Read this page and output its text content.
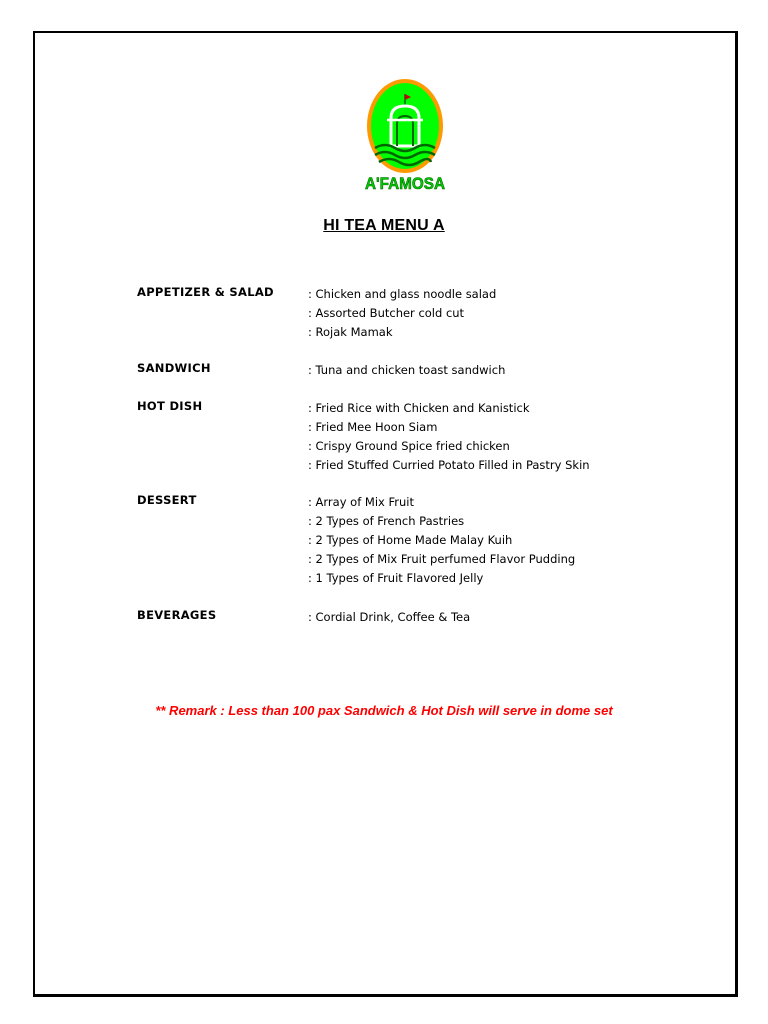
A'FAMOSA
HI TEA MENU A
APPETIZER & SALAD	: Chicken and glass noodle salad
: Assorted Butcher cold cut
: Rojak Mamak
SANDWICH	: Tuna and chicken toast sandwich
HOT DISH	: Fried Rice with Chicken and Kanistick
: Fried Mee Hoon Siam
: Crispy Ground Spice fried chicken
: Fried Stuffed Curried Potato Filled in Pastry Skin
DESSERT	: Array of Mix Fruit
: 2 Types of French Pastries
: 2 Types of Home Made Malay Kuih
: 2 Types of Mix Fruit perfumed Flavor Pudding
: 1 Types of Fruit Flavored Jelly
BEVERAGES	: Cordial Drink, Coffee & Tea
** Remark : Less than 100 pax Sandwich & Hot Dish will serve in dome set
